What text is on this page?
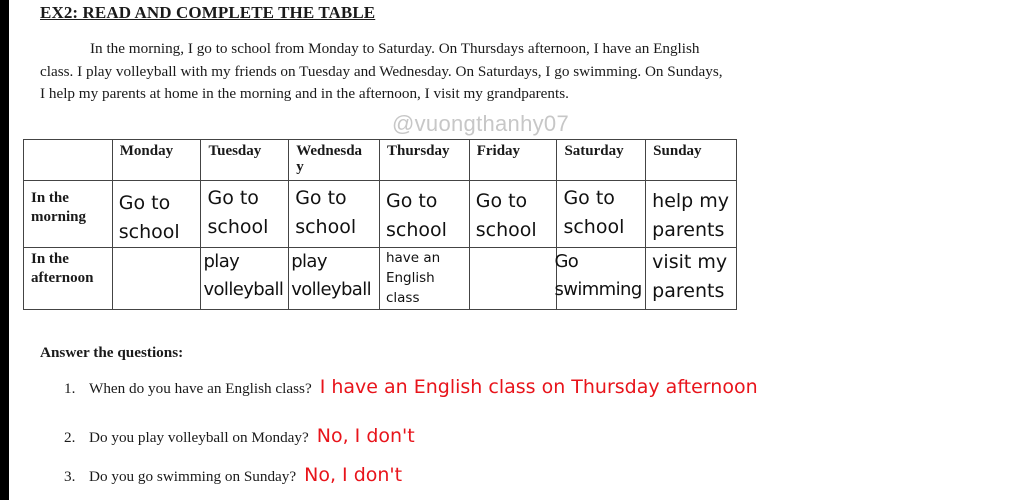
EX2: READ AND COMPLETE THE TABLE
In the morning, I go to school from Monday to Saturday. On Thursdays afternoon, I have an English class. I play volleyball with my friends on Tuesday and Wednesday. On Saturdays, I go swimming. On Sundays, I help my parents at home in the morning and in the afternoon, I visit my grandparents.
@vuongthanhy07
	Monday	Tuesday	Wednesda
y	Thursday	Friday	Saturday	Sunday
In the
morning	Go to
school	Go to
school	Go to
school	Go to
school	Go to
school	Go to
school	help my
parents

In the
afternoon		play
volleyball	play
volleyball	have an
English
class		Go
swimming	visit my
parents
Answer the questions:
1. When do you have an English class? I have an English class on Thursday afternoon
2. Do you play volleyball on Monday? No, I don't
3. Do you go swimming on Sunday? No, I don't
